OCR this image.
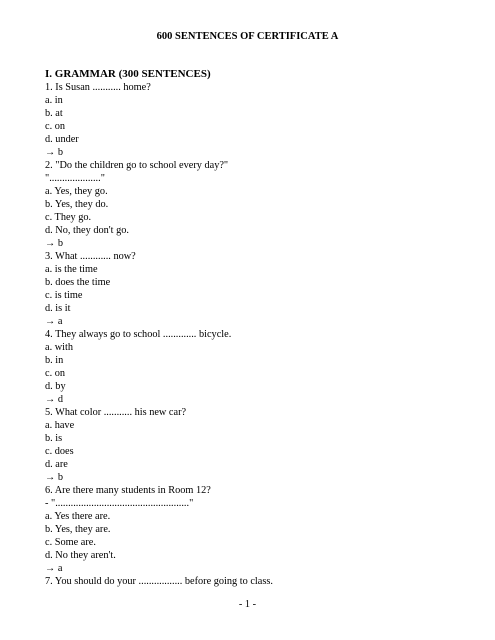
600 SENTENCES OF CERTIFICATE A
I. GRAMMAR (300 SENTENCES)
1. Is Susan ........... home?
a. in
b. at
c. on
d. under
→ b
2. "Do the children go to school every day?"
"...................."
a. Yes, they go.
b. Yes, they do.
c. They go.
d. No, they don't go.
→ b
3. What ............ now?
a. is the time
b. does the time
c. is time
d. is it
→ a
4. They always go to school ............. bicycle.
a. with
b. in
c. on
d. by
→ d
5. What color ........... his new car?
a. have
b. is
c. does
d. are
→ b
6. Are there many students in Room 12?
- "...................................................."
a. Yes there are.
b. Yes, they are.
c. Some are.
d. No they aren't.
→ a
7. You should do your ................. before going to class.
- 1 -
